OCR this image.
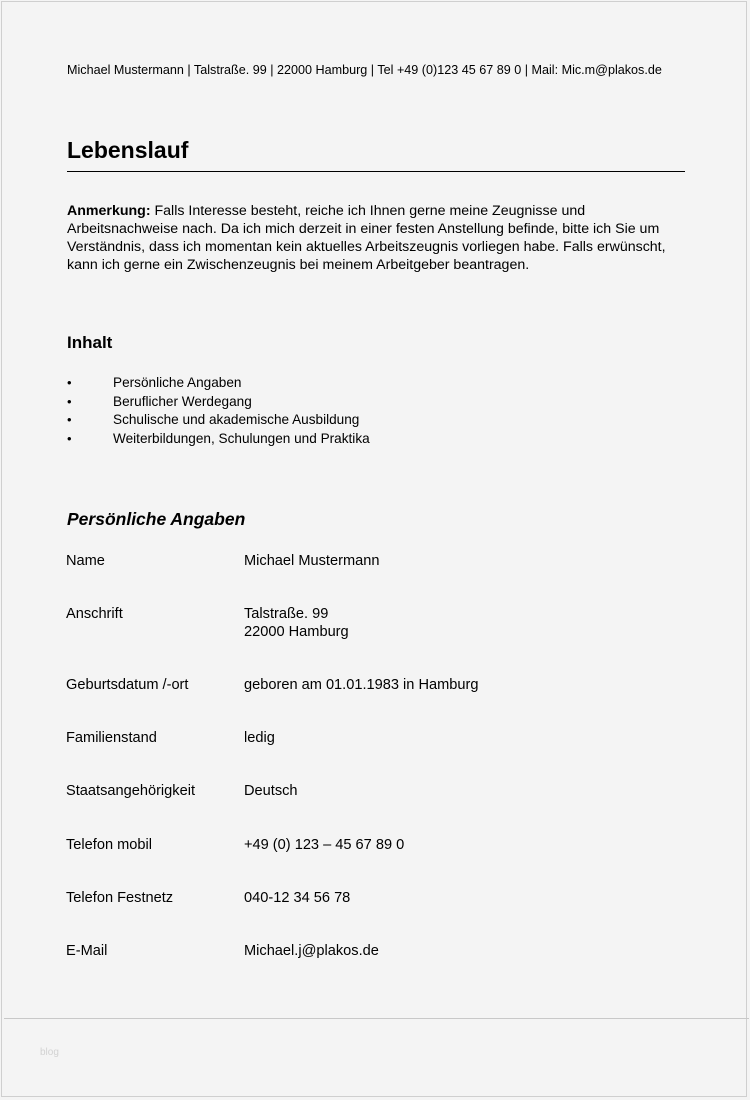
Michael Mustermann | Talstraße. 99 | 22000 Hamburg | Tel +49 (0)123 45 67 89 0 | Mail: Mic.m@plakos.de
Lebenslauf

Anmerkung: Falls Interesse besteht, reiche ich Ihnen gerne meine Zeugnisse und Arbeitsnachweise nach. Da ich mich derzeit in einer festen Anstellung befinde, bitte ich Sie um Verständnis, dass ich momentan kein aktuelles Arbeitszeugnis vorliegen habe. Falls erwünscht, kann ich gerne ein Zwischenzeugnis bei meinem Arbeitgeber beantragen.

Inhalt
•	Persönliche Angaben
•	Beruflicher Werdegang
•	Schulische und akademische Ausbildung
•	Weiterbildungen, Schulungen und Praktika
Persönliche Angaben
Name	Michael Mustermann
Anschrift	Talstraße. 99
22000 Hamburg
Geburtsdatum /-ort	geboren am 01.01.1983 in Hamburg
Familienstand	ledig
Staatsangehörigkeit	Deutsch
Telefon mobil	+49 (0) 123 – 45 67 89 0
Telefon Festnetz	040-12 34 56 78
E-Mail	Michael.j@plakos.de
blog
